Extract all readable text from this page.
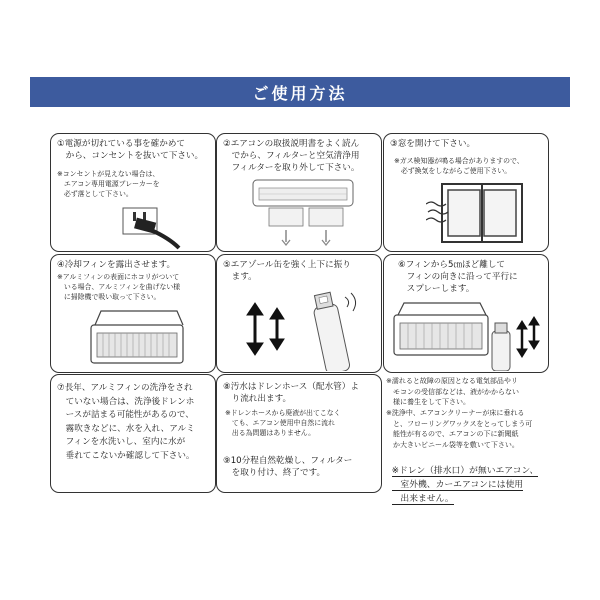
ご使用方法
①電源が切れている事を確かめて
　から、コンセントを抜いて下さい。
※コンセントが見えない場合は、
　エアコン専用電源ブレーカーを
　必ず落として下さい。
②エアコンの取扱説明書をよく読ん
　でから、フィルターと空気清浄用
　フィルターを取り外して下さい。
③窓を開けて下さい。
※ガス検知器が鳴る場合がありますので、
　必ず換気をしながらご使用下さい。
④冷却フィンを露出させます。
※アルミフィンの表面にホコリがついて
　いる場合、アルミフィンを曲げない様
　に掃除機で吸い取って下さい。
⑤エアゾール缶を強く上下に振り
　ます。
⑥フィンから5㎝ほど離して
　フィンの向きに沿って平行に
　スプレーします。
⑦長年、アルミフィンの洗浄をされ
　ていない場合は、洗浄後ドレンホ
　ースが詰まる可能性があるので、
　霧吹きなどに、水を入れ、アルミ
　フィンを水洗いし、室内に水が
　垂れてこないか確認して下さい。
⑧汚水はドレンホース（配水管）よ
　り流れ出ます。
※ドレンホースから廃液が出てこなく
　ても、エアコン使用中自然に流れ
　出る為問題はありません。
⑨10分程自然乾燥し、フィルター
　を取り付け、終了です。
※濡れると故障の原因となる電気部品やリ
　モコンの受信部などは、液がかからない
　様に養生をして下さい。
※洗浄中、エアコンクリーナーが床に垂れる
　と、フローリングワックスをとってしまう可
　能性が有るので、エアコンの下に新聞紙
　か大きいビニール袋等を敷いて下さい。

※ドレン（排水口）が無いエアコン、
　室外機、カーエアコンには使用
　出来ません。
